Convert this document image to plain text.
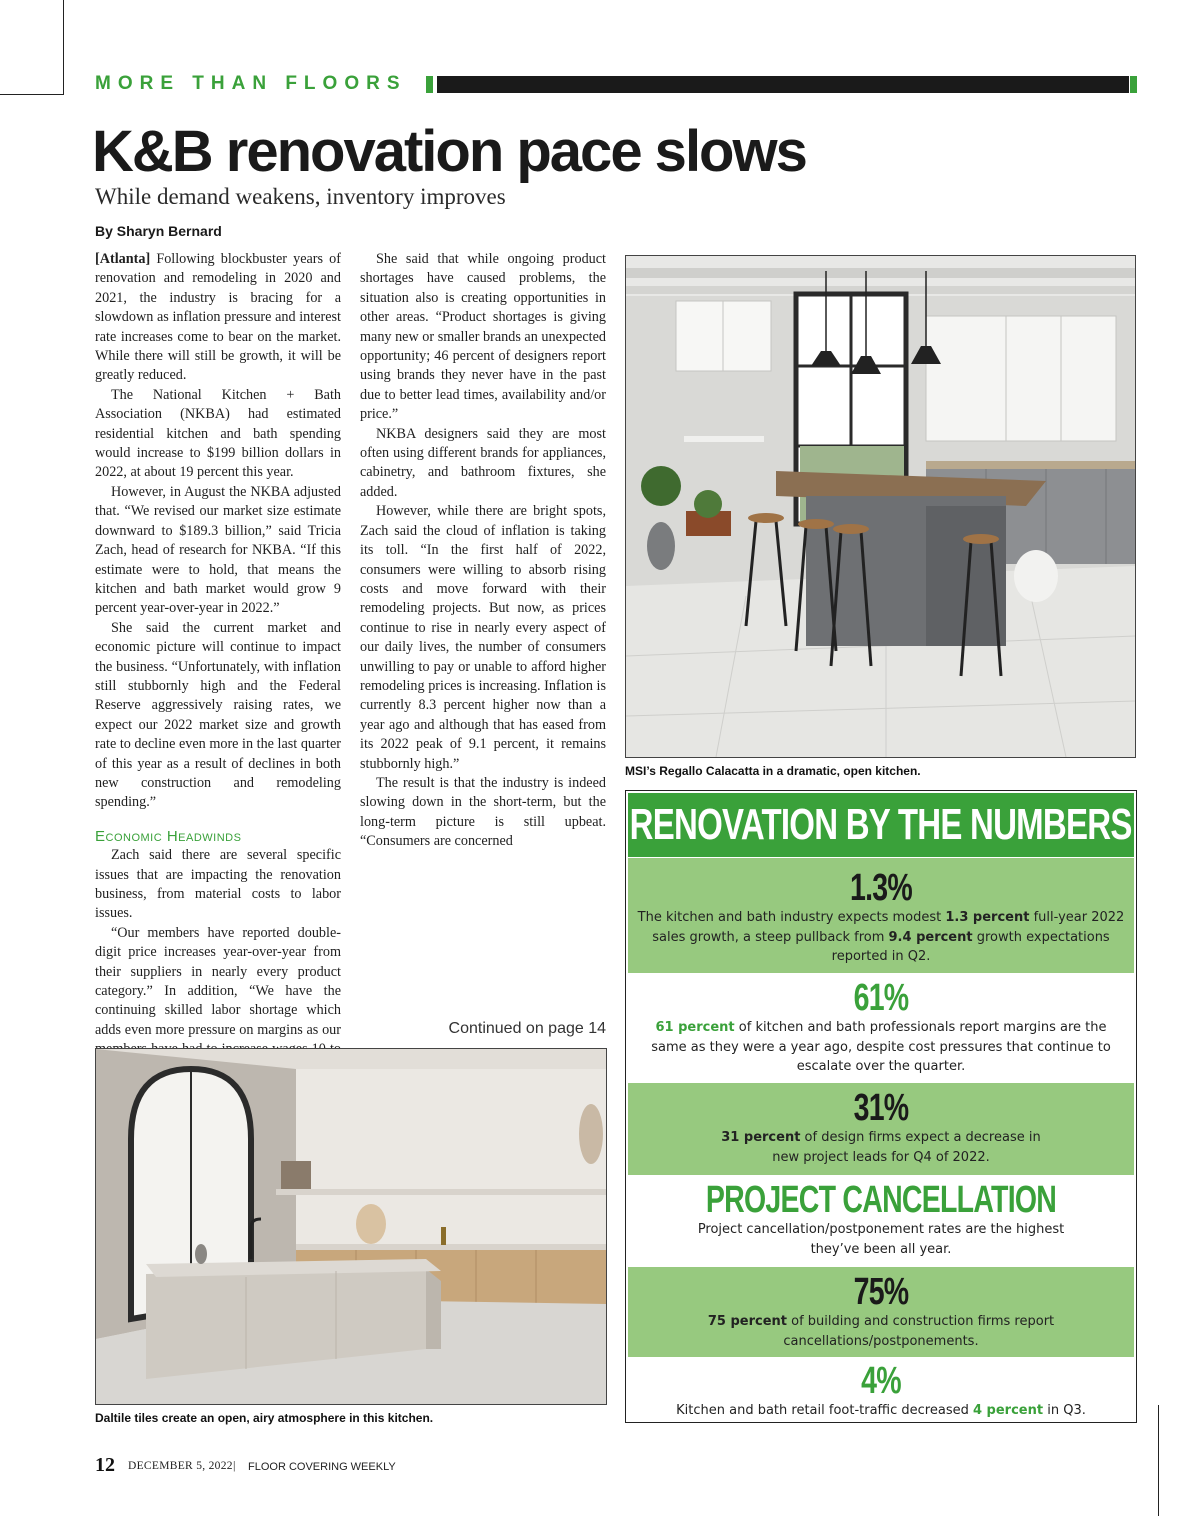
MORE THAN FLOORS
K&B renovation pace slows
While demand weakens, inventory improves
By Sharyn Bernard

[Atlanta] Following blockbuster years of renovation and remodeling in 2020 and 2021, the industry is bracing for a slowdown as inflation pressure and interest rate increases come to bear on the market. While there will still be growth, it will be greatly reduced.

The National Kitchen + Bath Association (NKBA) had estimated residential kitchen and bath spending would increase to $199 billion dollars in 2022, at about 19 percent this year.

However, in August the NKBA adjusted that. “We revised our market size estimate downward to $189.3 billion,” said Tricia Zach, head of research for NKBA. “If this estimate were to hold, that means the kitchen and bath market would grow 9 percent year-over-year in 2022.”

She said the current market and economic picture will continue to impact the business. “Unfortunately, with inflation still stubbornly high and the Federal Reserve aggressively raising rates, we expect our 2022 market size and growth rate to decline even more in the last quarter of this year as a result of declines in both new construction and remodeling spending.”

Economic Headwinds

Zach said there are several specific issues that are impacting the renovation business, from material costs to labor issues.

“Our members have reported double-digit price increases year-over-year from their suppliers in nearly every product category.” In addition, “We have the continuing skilled labor shortage which adds even more pressure on margins as our

She said that while ongoing product shortages have caused problems, the situation also is creating opportunities in other areas. “Product shortages is giving many new or smaller brands an unexpected opportunity; 46 percent of designers report using brands they never have in the past due to better lead times, availability and/or price.”

NKBA designers said they are most often using different brands for appliances, cabinetry, and bathroom fixtures, she added.

However, while there are bright spots, Zach said the cloud of inflation is taking its toll. “In the first half of 2022, consumers were willing to absorb rising costs and move forward with their remodeling projects. But now, as prices continue to rise in nearly every aspect of our daily lives, the number of consumers unwilling to pay or unable to afford higher remodeling prices is increasing. Inflation is currently 8.3 percent higher now than a year ago and although that has eased from its 2022 peak of 9.1 percent, it remains stubbornly high.”

The result is that the industry is indeed slowing down in the short-term, but the long-term picture is still upbeat. “Consumers are concerned

Continued on page 14
MSI’s Regallo Calacatta in a dramatic, open kitchen.
Daltile tiles create an open, airy atmosphere in this kitchen.
RENOVATION BY THE NUMBERS
1.3%
The kitchen and bath industry expects modest 1.3 percent full-year 2022 sales growth, a steep pullback from 9.4 percent growth expectations reported in Q2.
61%
61 percent of kitchen and bath professionals report margins are the same as they were a year ago, despite cost pressures that continue to escalate over the quarter.
31%
31 percent of design firms expect a decrease in new project leads for Q4 of 2022.
PROJECT CANCELLATION
Project cancellation/postponement rates are the highest they’ve been all year.
75%
75 percent of building and construction firms report cancellations/postponements.
4%
Kitchen and bath retail foot-traffic decreased 4 percent in Q3.
12 DECEMBER 5, 2022 | FLOOR COVERING WEEKLY
